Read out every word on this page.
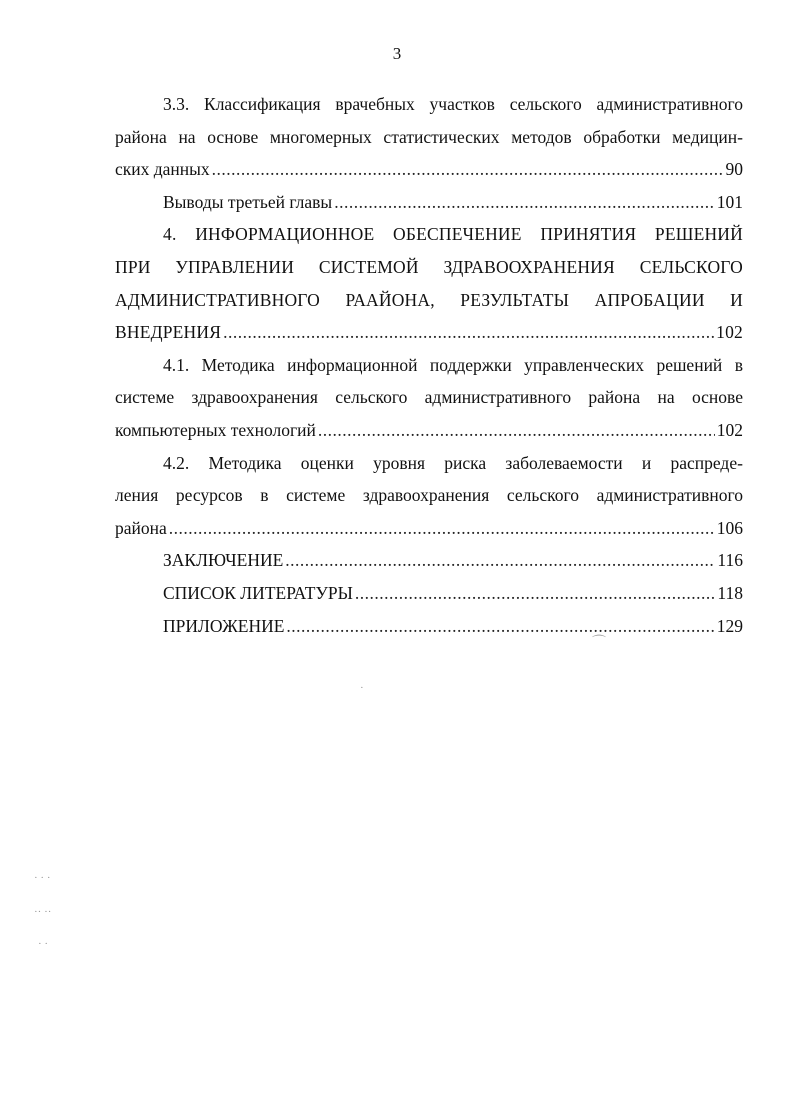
3
3.3. Классификация врачебных участков сельского административного
района на основе многомерных статистических методов обработки медицин-
ских данных .....	90
Выводы третьей главы .....	101
4. ИНФОРМАЦИОННОЕ ОБЕСПЕЧЕНИЕ ПРИНЯТИЯ РЕШЕНИЙ
ПРИ УПРАВЛЕНИИ СИСТЕМОЙ ЗДРАВООХРАНЕНИЯ СЕЛЬСКОГО
АДМИНИСТРАТИВНОГО РААЙОНА, РЕЗУЛЬТАТЫ АПРОБАЦИИ И
ВНЕДРЕНИЯ .....	102
4.1. Методика информационной поддержки управленческих решений в
системе здравоохранения сельского административного района на основе
компьютерных технологий .....	102
4.2. Методика оценки уровня риска заболеваемости и распреде-
ления ресурсов в системе здравоохранения сельского административного
района .....	106
ЗАКЛЮЧЕНИЕ .....	116
СПИСОК ЛИТЕРАТУРЫ .....	118
ПРИЛОЖЕНИЕ .....	129
⌒
·
· · ·
·· ··
· ·
